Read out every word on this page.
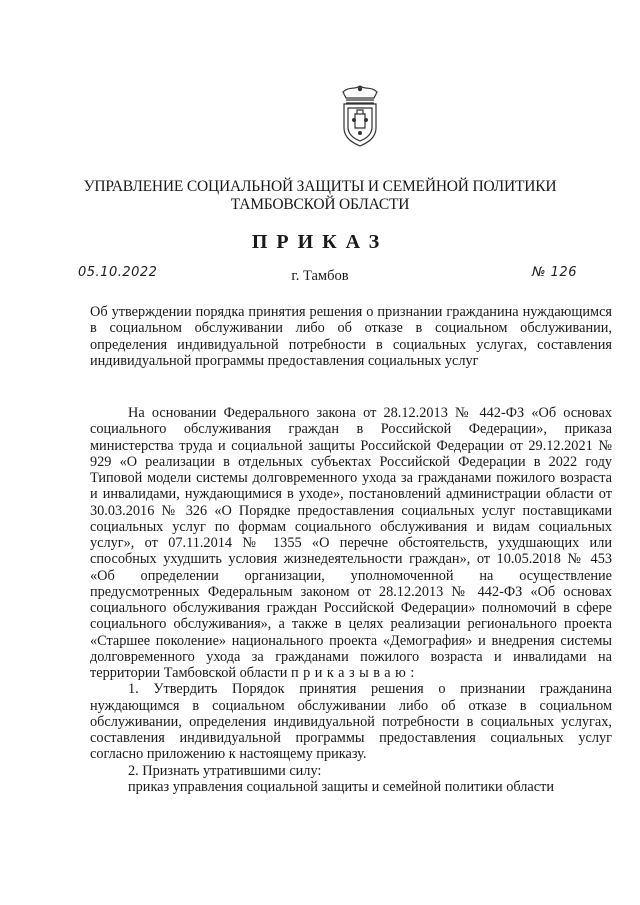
УПРАВЛЕНИЕ СОЦИАЛЬНОЙ ЗАЩИТЫ И СЕМЕЙНОЙ ПОЛИТИКИ
ТАМБОВСКОЙ ОБЛАСТИ
ПРИКАЗ
05.10.2022	г. Тамбов	№ 126
Об утверждении порядка принятия решения о признании гражданина нуждающимся в социальном обслуживании либо об отказе в социальном обслуживании, определения индивидуальной потребности в социальных услугах, составления индивидуальной программы предоставления социальных услуг

На основании Федерального закона от 28.12.2013 № 442-ФЗ «Об основах социального обслуживания граждан в Российской Федерации», приказа министерства труда и социальной защиты Российской Федерации от 29.12.2021 № 929 «О реализации в отдельных субъектах Российской Федерации в 2022 году Типовой модели системы долговременного ухода за гражданами пожилого возраста и инвалидами, нуждающимися в уходе», постановлений администрации области от 30.03.2016 № 326 «О Порядке предоставления социальных услуг поставщиками социальных услуг по формам социального обслуживания и видам социальных услуг», от 07.11.2014 № 1355 «О перечне обстоятельств, ухудшающих или способных ухудшить условия жизнедеятельности граждан», от 10.05.2018 № 453 «Об определении организации, уполномоченной на осуществление предусмотренных Федеральным законом от 28.12.2013 № 442-ФЗ «Об основах социального обслуживания граждан Российской Федерации» полномочий в сфере социального обслуживания», а также в целях реализации регионального проекта «Старшее поколение» национального проекта «Демография» и внедрения системы долговременного ухода за гражданами пожилого возраста и инвалидами на территории Тамбовской области приказываю:

1. Утвердить Порядок принятия решения о признании гражданина нуждающимся в социальном обслуживании либо об отказе в социальном обслуживании, определения индивидуальной потребности в социальных услугах, составления индивидуальной программы предоставления социальных услуг согласно приложению к настоящему приказу.

2. Признать утратившими силу:

приказ управления социальной защиты и семейной политики области
